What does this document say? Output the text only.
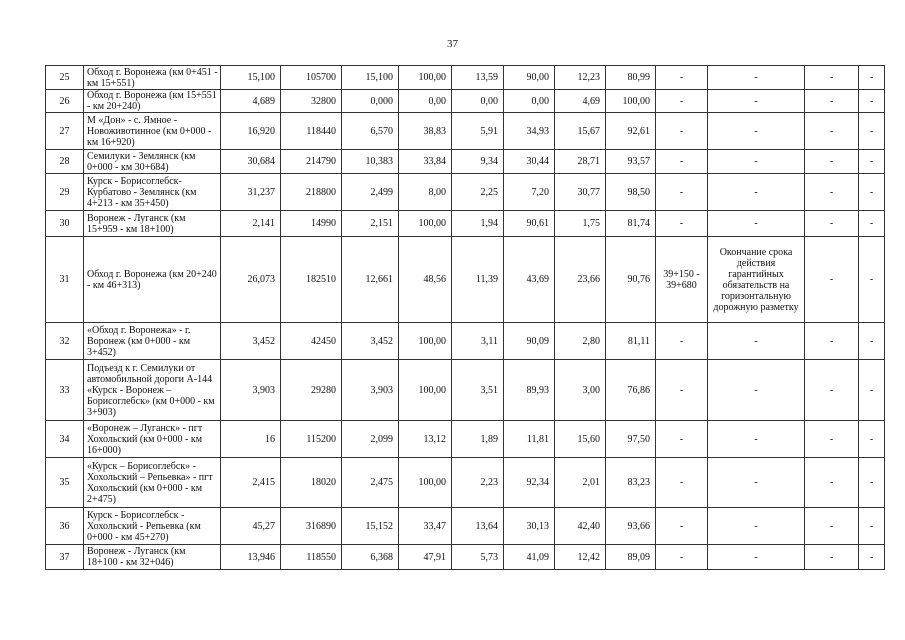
37
25	Обход г. Воронежа (км 0+451 - км 15+551)	15,100	105700	15,100	100,00	13,59	90,00	12,23	80,99	-	-	-	-
26	Обход г. Воронежа (км 15+551 - км 20+240)	4,689	32800	0,000	0,00	0,00	0,00	4,69	100,00	-	-	-	-
27	М «Дон» - с. Ямное - Новоживотинное (км 0+000 - км 16+920)	16,920	118440	6,570	38,83	5,91	34,93	15,67	92,61	-	-	-	-
28	Семилуки - Землянск (км 0+000 - км 30+684)	30,684	214790	10,383	33,84	9,34	30,44	28,71	93,57	-	-	-	-
29	Курск - Борисоглебск-Курбатово - Землянск (км 4+213 - км 35+450)	31,237	218800	2,499	8,00	2,25	7,20	30,77	98,50	-	-	-	-
30	Воронеж - Луганск (км 15+959 - км 18+100)	2,141	14990	2,151	100,00	1,94	90,61	1,75	81,74	-	-	-	-
31	Обход г. Воронежа (км 20+240 - км 46+313)	26,073	182510	12,661	48,56	11,39	43,69	23,66	90,76	39+150 - 39+680	Окончание срока действия гарантийных обязательств на горизонтальную дорожную разметку	-	-
32	«Обход г. Воронежа» - г. Воронеж (км 0+000 - км 3+452)	3,452	42450	3,452	100,00	3,11	90,09	2,80	81,11	-	-	-	-
33	Подъезд к г. Семилуки от автомобильной дороги А-144 «Курск - Воронеж – Борисоглебск» (км 0+000 - км 3+903)	3,903	29280	3,903	100,00	3,51	89,93	3,00	76,86	-	-	-	-
34	«Воронеж – Луганск» - пгт Хохольский (км 0+000 - км 16+000)	16	115200	2,099	13,12	1,89	11,81	15,60	97,50	-	-	-	-
35	«Курск – Борисоглебск» - Хохольский – Репьевка» - пгт Хохольский (км 0+000 - км 2+475)	2,415	18020	2,475	100,00	2,23	92,34	2,01	83,23	-	-	-	-
36	Курск - Борисоглебск - Хохольский - Репьевка (км 0+000 - км 45+270)	45,27	316890	15,152	33,47	13,64	30,13	42,40	93,66	-	-	-	-
37	Воронеж - Луганск (км 18+100 - км 32+046)	13,946	118550	6,368	47,91	5,73	41,09	12,42	89,09	-	-	-	-
